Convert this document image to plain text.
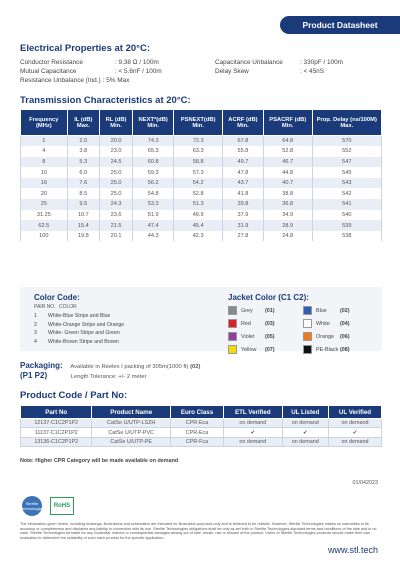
Product Datasheet
Electrical Properties at 20°C:
Conductor Resistance	: 9.38 Ω / 100m	Capacitance Unbalance	: 330pF / 100m
Mutual Capacitance	: < 5.6nF / 100m	Delay Skew	: < 45nS
Resistance Unbalance (Ind.) : 5% Max
Transmission Characteristics at 20°C:
Frequency (MHz)	IL (dB) Max.	RL (dB) Min.	NEXT*(dB) Min.	PSNEXT(dB) Min.	ACRF (dB) Min.	PSACRF (dB) Min.	Prop. Delay (ns/100M) Max.
1	2.0	20.0	74.3	72.3	67.8	64.8	570
4	3.8	23.0	65.3	63.3	55.8	52.8	552
8	5.3	24.5	60.8	58.8	49.7	46.7	547
10	6.0	25.0	59.3	57.3	47.8	44.8	545
16	7.6	25.0	56.2	54.2	43.7	40.7	543
20	8.5	25.0	54.8	52.8	41.8	38.8	542
25	9.5	24.3	53.3	51.3	39.8	36.8	541
31.25	10.7	23.6	51.9	49.9	37.9	34.9	540
62.5	15.4	21.5	47.4	45.4	31.9	28.9	539
100	19.8	20.1	44.3	42.3	27.8	24.8	538
Color Code:
PAIR NO. COLOR
1	White-Blue Stripe and Blue
2	White-Orange Stripe and Orange
3	White- Green Stripe and Green
4	White-Brown Stripe and Brown
Jacket Color (C1 C2):
Grey	(01)	Blue	(02)
Red	(03)	White	(04)
Violet	(05)	Orange	(06)
Yellow	(07)	PE-Black (08)
Packaging: Available in Reelex I packing of 305m(1000 ft) (02)
(P1 P2)	Length Tolerance: +/- 2 meter
Product Code / Part No:
Part No	Product Name	Euro Class	ETL Verified	UL Listed	UL Verified
12137-C1C2P1P2	CatSe U/UTP-LSZH	CPR-Eca	on demand	on demand	on demand
11137-C1C2P1P2	CatSe U/UTP-PVC	CPR-Eca	✔	✔	✔
13136-C1C2P1P2	CatSe U/UTP-PE	CPR-Fca	on demand	on demand	on demand
Note: Higher CPR Category will be made available on demand
01/042023
Sterlite Technologies	RoHS
The information given herein, including drawings, illustrations and schematics are intended for illustration purposes only and is believed to be reliable. However, Sterlite Technologies makes no warranties to its accuracy or completeness and disclaims any liability in connection with its use. Sterlite Technologies obligations shall be only as set forth in Sterlite Technologies standard terms and conditions of the sale and in no case. Sterlite Technologies be liable for any incidental, indirect or consequential damages arising out of sale, resale, use or misuse of the product. Users of Sterlite Technologies products should make their own evaluation to determine the suitability of such each product for the specific application.
www.stl.tech
